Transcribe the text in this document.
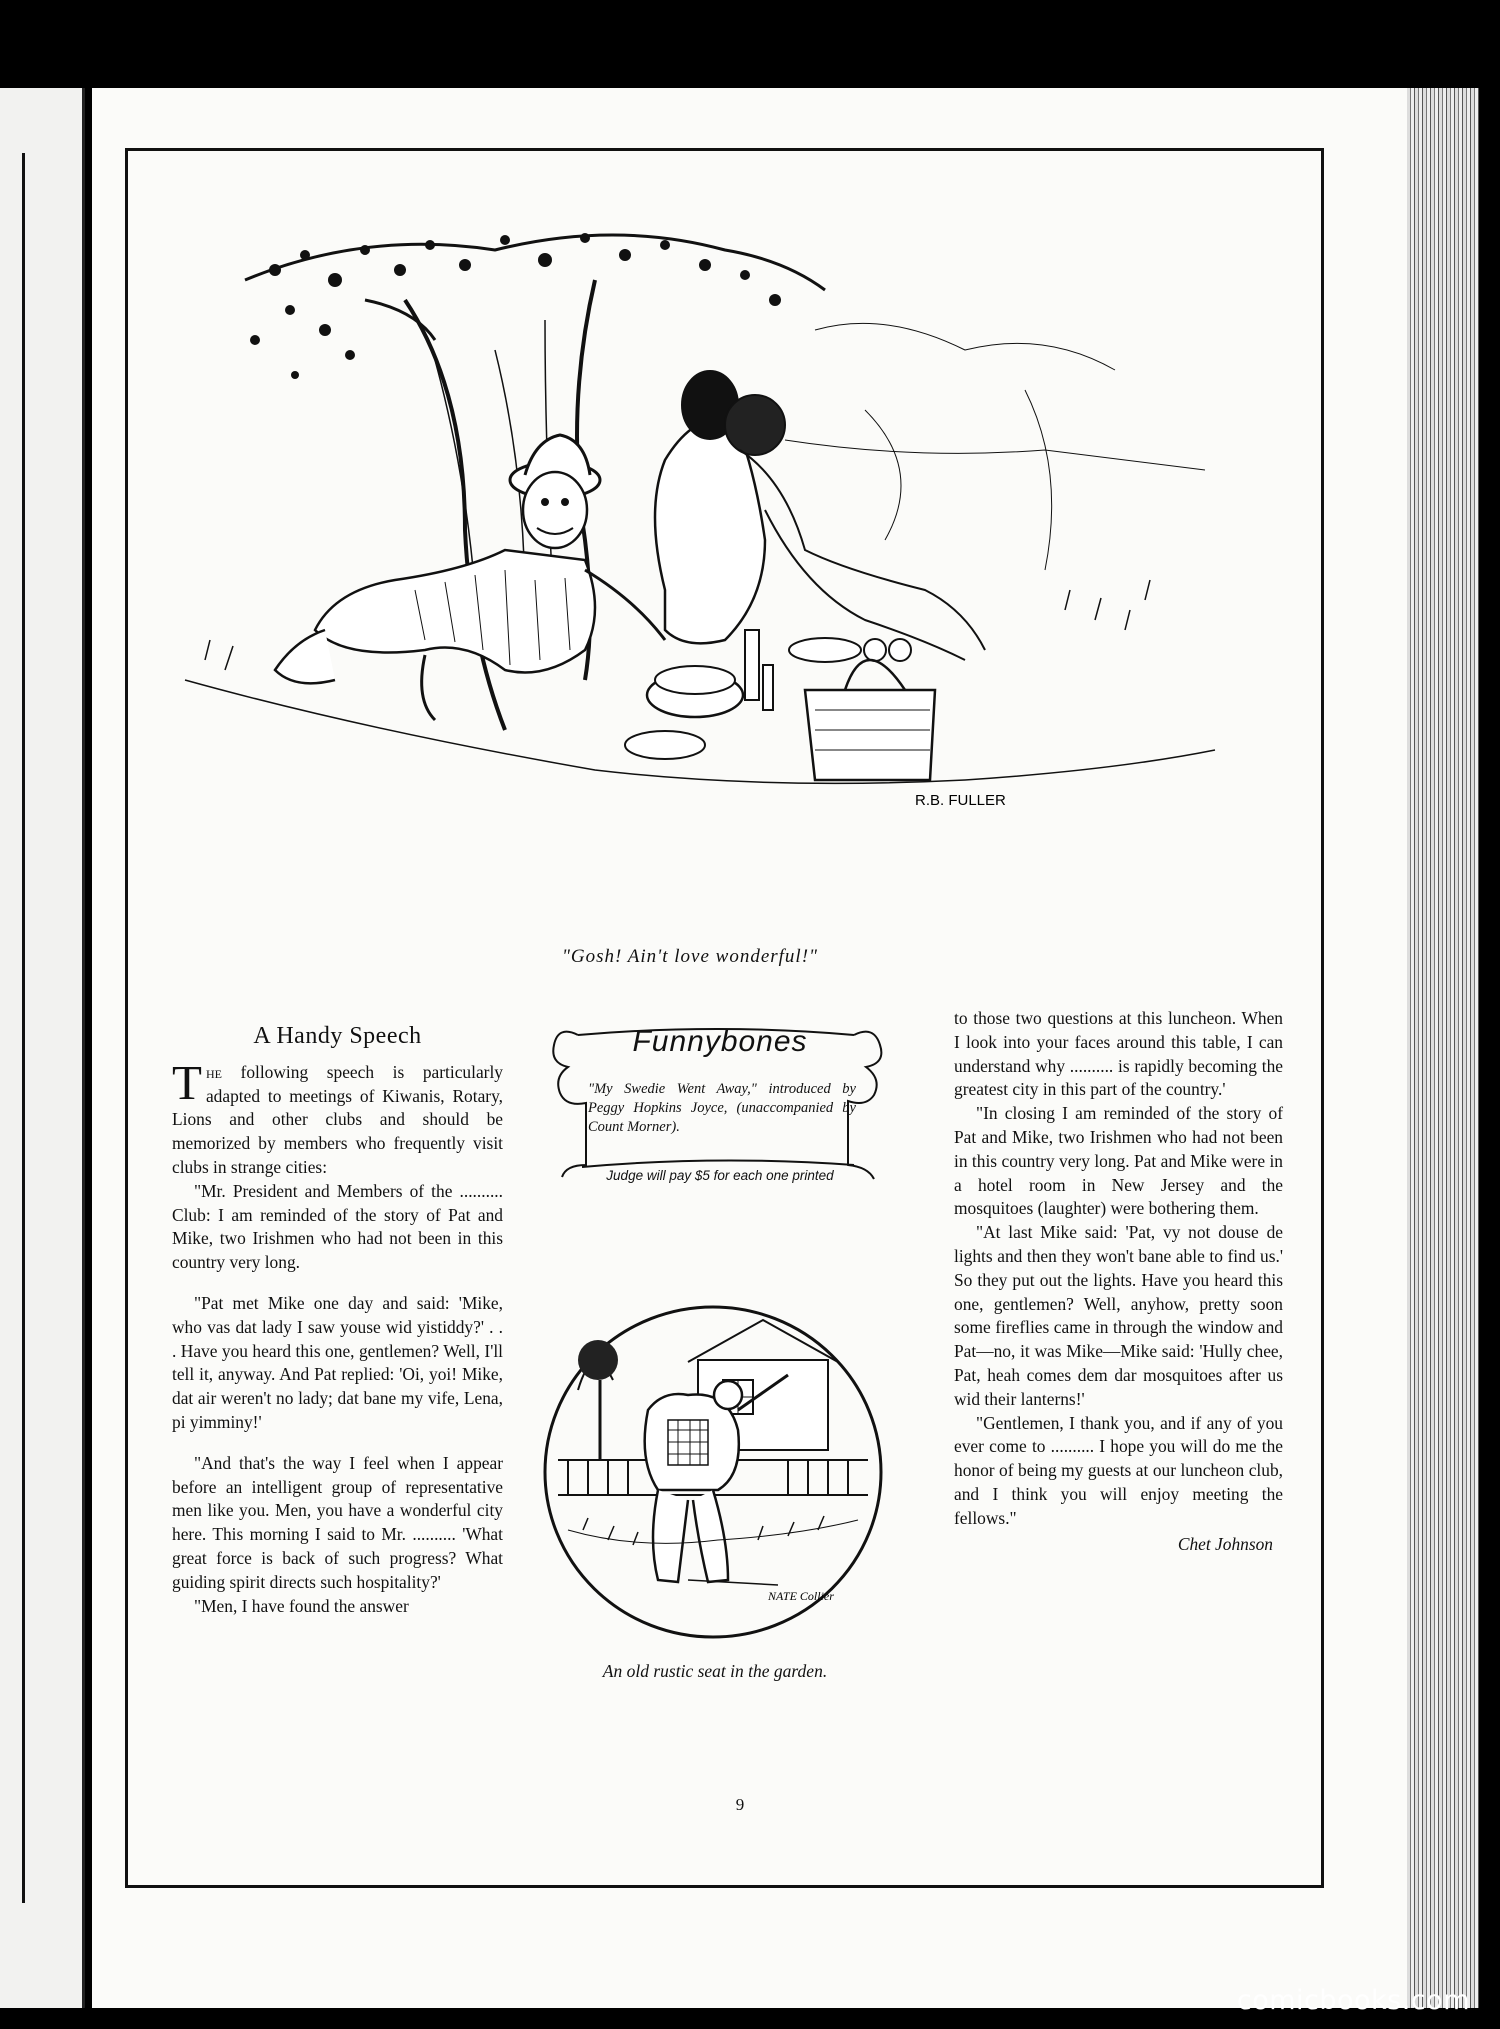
R.B. FULLER
"Gosh! Ain't love wonderful!"
A Handy Speech

The following speech is particularly adapted to meetings of Kiwanis, Rotary, Lions and other clubs and should be memorized by members who frequently visit clubs in strange cities:

"Mr. President and Members of the .......... Club: I am reminded of the story of Pat and Mike, two Irishmen who had not been in this country very long.

"Pat met Mike one day and said: 'Mike, who vas dat lady I saw youse wid yistiddy?' . . . Have you heard this one, gentlemen? Well, I'll tell it, anyway. And Pat replied: 'Oi, yoi! Mike, dat air weren't no lady; dat bane my vife, Lena, pi yimminy!'

"And that's the way I feel when I appear before an intelligent group of representative men like you. Men, you have a wonderful city here. This morning I said to Mr. .......... 'What great force is back of such progress? What guiding spirit directs such hospitality?'

"Men, I have found the answer

Funnybones
"My Swedie Went Away," introduced by Peggy Hopkins Joyce, (unaccompanied by Count Morner).
Judge will pay $5 for each one printed
NATE Collier
An old rustic seat in the garden.

to those two questions at this luncheon. When I look into your faces around this table, I can understand why .......... is rapidly becoming the greatest city in this part of the country.'

"In closing I am reminded of the story of Pat and Mike, two Irishmen who had not been in this country very long. Pat and Mike were in a hotel room in New Jersey and the mosquitoes (laughter) were bothering them.

"At last Mike said: 'Pat, vy not douse de lights and then they won't bane able to find us.' So they put out the lights. Have you heard this one, gentlemen? Well, anyhow, pretty soon some fireflies came in through the window and Pat—no, it was Mike—Mike said: 'Hully chee, Pat, heah comes dem dar mosquitoes after us wid their lanterns!'

"Gentlemen, I thank you, and if any of you ever come to .......... I hope you will do me the honor of being my guests at our luncheon club, and I think you will enjoy meeting the fellows."

Chet Johnson
9
comicbooks.com
